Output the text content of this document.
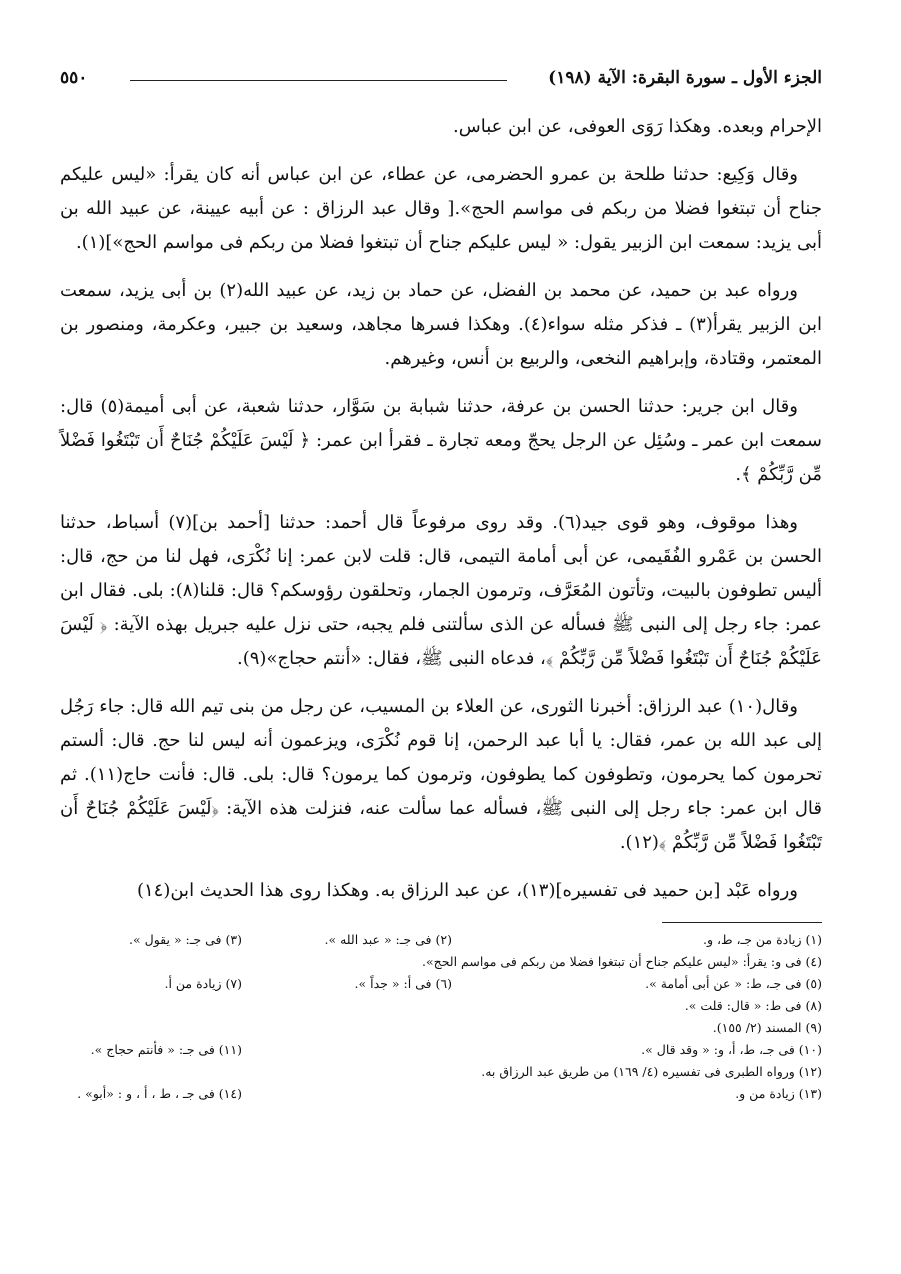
الجزء الأول ـ سورة البقرة: الآية (١٩٨)
٥٥٠

الإحرام وبعده. وهكذا رَوَى العوفى، عن ابن عباس.

وقال وَكِيع: حدثنا طلحة بن عمرو الحضرمى، عن عطاء، عن ابن عباس أنه كان يقرأ: «ليس عليكم جناح أن تبتغوا فضلا من ربكم فى مواسم الحج».[ وقال عبد الرزاق : عن أبيه عيينة، عن عبيد الله بن أبى يزيد: سمعت ابن الزبير يقول: « ليس عليكم جناح أن تبتغوا فضلا من ربكم فى مواسم الحج»](١).

ورواه عبد بن حميد، عن محمد بن الفضل، عن حماد بن زيد، عن عبيد الله(٢) بن أبى يزيد، سمعت ابن الزبير يقرأ(٣) ـ فذكر مثله سواء(٤). وهكذا فسرها مجاهد، وسعيد بن جبير، وعكرمة، ومنصور بن المعتمر، وقتادة، وإبراهيم النخعى، والربيع بن أنس، وغيرهم.

وقال ابن جرير: حدثنا الحسن بن عرفة، حدثنا شبابة بن سَوَّار، حدثنا شعبة، عن أبى أميمة(٥) قال: سمعت ابن عمر ـ وسُئِل عن الرجل يحجّ ومعه تجارة ـ فقرأ ابن عمر: ﴿ لَيْسَ عَلَيْكُمْ جُنَاحٌ أَن تَبْتَغُوا فَضْلاً مِّن رَّبِّكُمْ ﴾.

وهذا موقوف، وهو قوى جيد(٦). وقد روى مرفوعاً قال أحمد: حدثنا [أحمد بن](٧) أسباط، حدثنا الحسن بن عَمْرو الفُقَيمى، عن أبى أمامة التيمى، قال: قلت لابن عمر: إنا نُكْرَى، فهل لنا من حج، قال: أليس تطوفون بالبيت، وتأتون المُعَرَّف، وترمون الجمار، وتحلقون رؤوسكم؟ قال: قلنا(٨): بلى. فقال ابن عمر: جاء رجل إلى النبى ﷺ فسأله عن الذى سألتنى فلم يجبه، حتى نزل عليه جبريل بهذه الآية: ﴿ لَيْسَ عَلَيْكُمْ جُنَاحٌ أَن تَبْتَغُوا فَضْلاً مِّن رَّبِّكُمْ ﴾، فدعاه النبى ﷺ، فقال: «أنتم حجاج»(٩).

وقال(١٠) عبد الرزاق: أخبرنا الثورى، عن العلاء بن المسيب، عن رجل من بنى تيم الله قال: جاء رَجُل إلى عبد الله بن عمر، فقال: يا أبا عبد الرحمن، إنا قوم نُكْرَى، ويزعمون أنه ليس لنا حج. قال: ألستم تحرمون كما يحرمون، وتطوفون كما يطوفون، وترمون كما يرمون؟ قال: بلى. قال: فأنت حاج(١١). ثم قال ابن عمر: جاء رجل إلى النبى ﷺ، فسأله عما سألت عنه، فنزلت هذه الآية: ﴿لَيْسَ عَلَيْكُمْ جُنَاحٌ أَن تَبْتَغُوا فَضْلاً مِّن رَّبِّكُمْ ﴾(١٢).

ورواه عَبْد [بن حميد فى تفسيره](١٣)، عن عبد الرزاق به. وهكذا روى هذا الحديث ابن(١٤)

(١) زيادة من جـ، ط، و.
(٢) فى جـ: « عبد الله ».
(٣) فى جـ: « يقول ».
(٤) فى و: يقرأ: «ليس عليكم جناح أن تبتغوا فضلا من ربكم فى مواسم الحج».
(٥) فى جـ، ط: « عن أبى أمامة ».
(٦) فى أ: « جداً ».
(٧) زيادة من أ.
(٨) فى ط: « قال: قلت ».
(٩) المسند (٢/ ١٥٥).
(١٠) فى جـ، ط، أ، و: « وقد قال ».
(١١) فى جـ: « فأنتم حجاج ».
(١٢) ورواه الطبرى فى تفسيره (٤/ ١٦٩) من طريق عبد الرزاق به.
(١٣) زيادة من و.
(١٤) فى جـ ، ط ، أ ، و : «أبو» .
